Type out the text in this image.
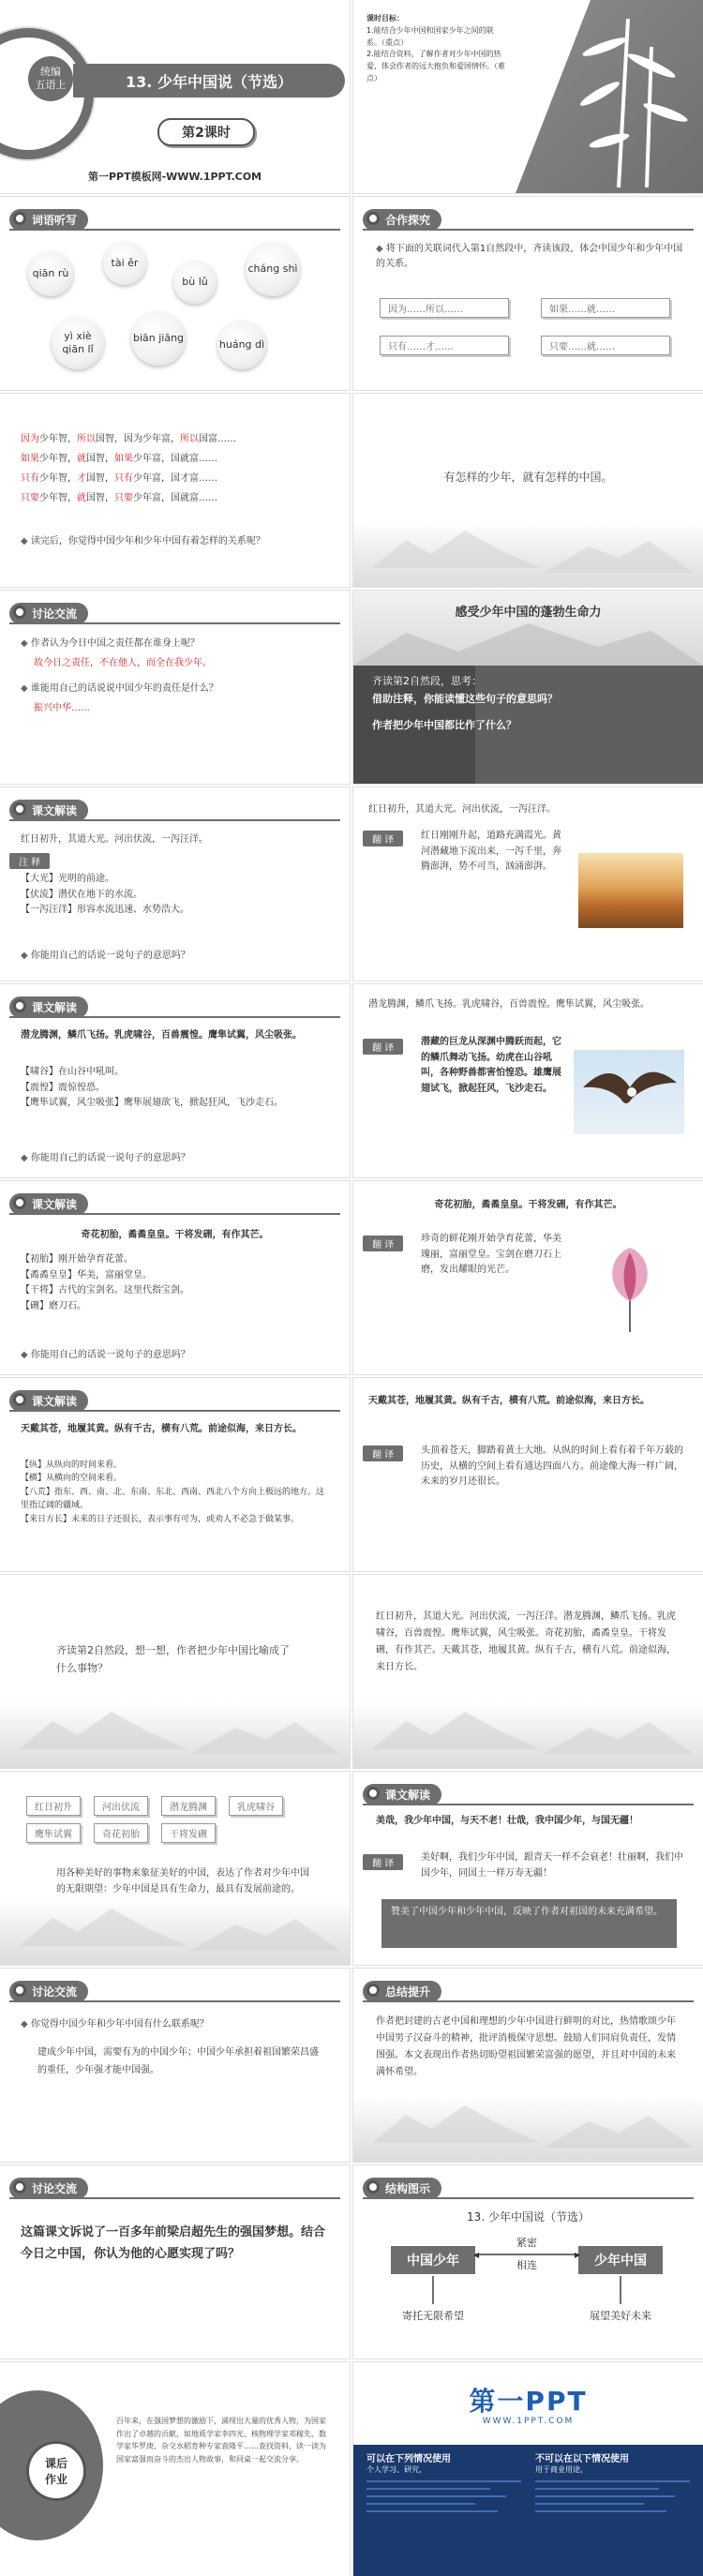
统编
五语上	13. 少年中国说（节选）
第2课时
第一PPT模板网-WWW.1PPT.COM
课时目标：
1.能结合少年中国和国家少年之间的联系。（重点）
2.能结合资料，了解作者对少年中国的热爱，体会作者的远大抱负和爱国情怀。（难点）
词语听写
qiān rù
tài ěr
bù lǔ
cháng shì
yì xiè qiān lǐ
biān jiāng
huáng dì
合作探究
◆ 将下面的关联词代入第1自然段中，齐读该段，体会中国少年和少年中国的关系。
因为……所以……	如果……就……
只有……才……	只要……就……
因为少年智，所以国智，因为少年富，所以国富……
如果少年智，就国智，如果少年富，国就富……
只有少年智，才国智，只有少年富，国才富……
只要少年智，就国智，只要少年富，国就富……
◆ 读完后，你觉得中国少年和少年中国有着怎样的关系呢？
有怎样的少年，就有怎样的中国。
讨论交流
◆ 作者认为今日中国之责任都在谁身上呢？
故今日之责任，不在他人，而全在我少年。
◆ 谁能用自己的话说说中国少年的责任是什么？
振兴中华……
感受少年中国的蓬勃生命力
齐读第2自然段，思考：
借助注释，你能读懂这些句子的意思吗？
作者把少年中国都比作了什么？
课文解读
红日初升，其道大光。河出伏流，一泻汪洋。
注 释
【大光】光明的前途。
【伏流】潜伏在地下的水流。
【一泻汪洋】形容水流迅速、水势浩大。
◆ 你能用自己的话说一说句子的意思吗？
红日初升，其道大光。河出伏流，一泻汪洋。
翻 译	红日刚刚升起，道路充满霞光。黄河潜藏地下流出来，一泻千里，奔腾澎湃，势不可当，汹涌澎湃。
课文解读
潜龙腾渊，鳞爪飞扬。乳虎啸谷，百兽震惶。鹰隼试翼，风尘吸张。
【啸谷】在山谷中吼叫。
【震惶】震惊惶恐。
【鹰隼试翼，风尘吸张】鹰隼展翅欲飞，掀起狂风，飞沙走石。
◆ 你能用自己的话说一说句子的意思吗？
潜龙腾渊，鳞爪飞扬。乳虎啸谷，百兽震惶。鹰隼试翼，风尘吸张。
翻 译
潜藏的巨龙从深渊中腾跃而起，它的鳞爪舞动飞扬。幼虎在山谷吼叫，各种野兽都害怕惶恐。雄鹰展翅试飞，掀起狂风，飞沙走石。
课文解读
奇花初胎，矞矞皇皇。干将发硎，有作其芒。
【初胎】刚开始孕育花蕾。
【矞矞皇皇】华美，富丽堂皇。
【干将】古代的宝剑名。这里代指宝剑。
【硎】磨刀石。
◆ 你能用自己的话说一说句子的意思吗？
奇花初胎，矞矞皇皇。干将发硎，有作其芒。
翻 译
珍奇的鲜花刚开始孕育花蕾，华美瑰丽，富丽堂皇。宝剑在磨刀石上磨，发出耀眼的光芒。
课文解读
天戴其苍，地履其黄。纵有千古，横有八荒。前途似海，来日方长。
【纵】从纵向的时间来看。
【横】从横向的空间来看。
【八荒】指东、西、南、北、东南、东北、西南、西北八个方向上极远的地方。这里指辽阔的疆域。
【来日方长】未来的日子还很长，表示事有可为，或劝人不必急于做某事。
天戴其苍，地履其黄。纵有千古，横有八荒。前途似海，来日方长。
翻 译	头顶着苍天，脚踏着黄土大地。从纵的时间上看有着千年万载的历史，从横的空间上看有通达四面八方。前途像大海一样广阔，未来的岁月还很长。
齐读第2自然段，想一想，作者把少年中国比喻成了什么事物？
红日初升，其道大光。河出伏流，一泻汪洋。潜龙腾渊，鳞爪飞扬。乳虎啸谷，百兽震惶。鹰隼试翼，风尘吸张。奇花初胎，矞矞皇皇。干将发硎，有作其芒。天戴其苍，地履其黄。纵有千古，横有八荒。前途似海，来日方长。
红日初升	河出伏流	潜龙腾渊	乳虎啸谷
鹰隼试翼	奇花初胎	干将发硎
用各种美好的事物来象征美好的中国，表达了作者对少年中国的无限期望：少年中国是具有生命力，最具有发展前途的。
课文解读
美哉，我少年中国，与天不老！壮哉，我中国少年，与国无疆！
翻 译
美好啊，我们少年中国，跟青天一样不会衰老！壮丽啊，我们中国少年，同国土一样万寿无疆！
赞美了中国少年和少年中国，反映了作者对祖国的未来充满希望。
讨论交流
◆ 你觉得中国少年和少年中国有什么联系呢？
建成少年中国，需要有为的中国少年；中国少年承担着祖国繁荣昌盛的重任，少年强才能中国强。
总结提升
作者把封建的古老中国和理想的少年中国进行鲜明的对比，热情歌颂少年中国男子汉奋斗的精神，批评消极保守思想。鼓励人们同肩负责任，发情图强。本文表现出作者热切盼望祖国繁荣富强的愿望，并且对中国的未来满怀希望。
讨论交流
这篇课文诉说了一百多年前梁启超先生的强国梦想。结合今日之中国，你认为他的心愿实现了吗？
结构图示
13. 少年中国说（节选）
中国少年	少年中国
紧密
◀	▶
相连
寄托无限希望	展望美好未来
课后
作业
百年来，在强国梦想的激励下，涌现出大量的优秀人物，为国家作出了卓越的贡献，如地质学家李四光、核物理学家邓稼先、数学家华罗庚、杂交水稻育种专家袁隆平……查找资料，读一读为国家富强而奋斗的杰出人物故事，和同桌一起交流分享。
第一PPT
WWW.1PPT.COM
可以在下列情况使用
个人学习、研究，
不可以在以下情况使用
用于商业用途，
